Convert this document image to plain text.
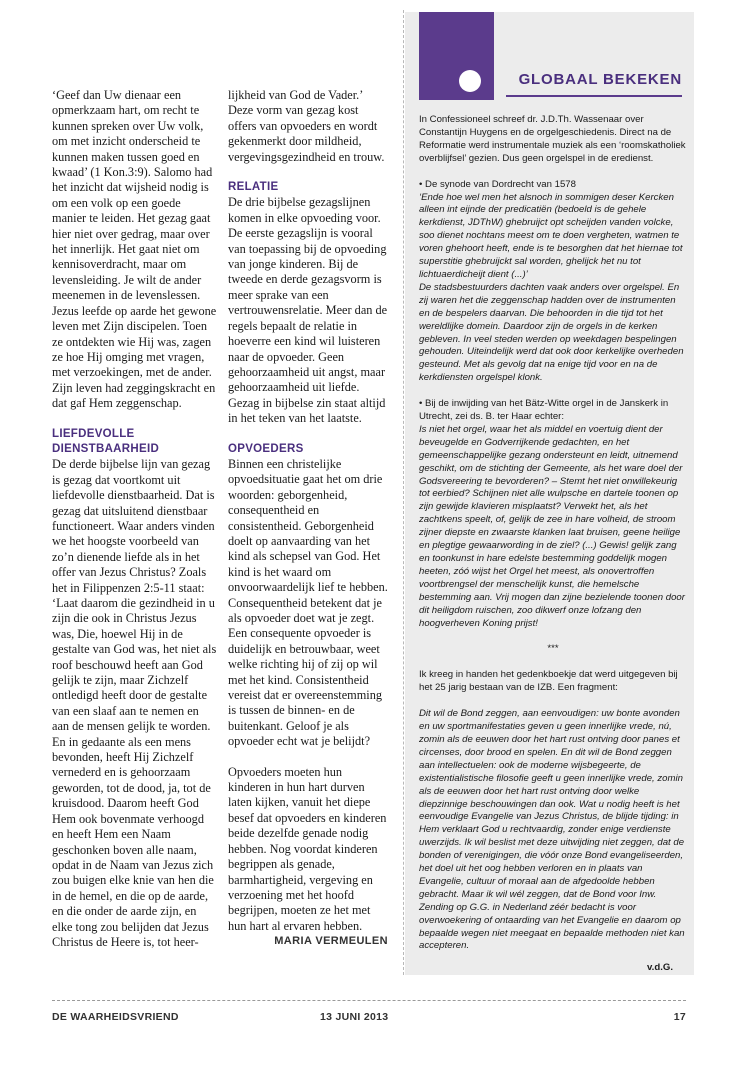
‘Geef dan Uw dienaar een opmerkzaam hart, om recht te kunnen spreken over Uw volk, om met inzicht onderscheid te kunnen maken tussen goed en kwaad’ (1 Kon.3:9). Salomo had het inzicht dat wijsheid nodig is om een volk op een goede manier te leiden. Het gezag gaat hier niet over gedrag, maar over het innerlijk. Het gaat niet om kennisoverdracht, maar om levensleiding. Je wilt de ander meenemen in de levenslessen.

Jezus leefde op aarde het gewone leven met Zijn discipelen. Toen ze ontdekten wie Hij was, zagen ze hoe Hij omging met vragen, met verzoekingen, met de ander. Zijn leven had zeggingskracht en dat gaf Hem zeggenschap.

LIEFDEVOLLE DIENSTBAARHEID

De derde bijbelse lijn van gezag is gezag dat voortkomt uit liefdevolle dienstbaarheid. Dat is gezag dat uitsluitend dienstbaar functioneert. Waar anders vinden we het hoogste voorbeeld van zo’n dienende liefde als in het offer van Jezus Christus? Zoals het in Filippenzen 2:5-11 staat: ‘Laat daarom die gezindheid in u zijn die ook in Christus Jezus was, Die, hoewel Hij in de gestalte van God was, het niet als roof beschouwd heeft aan God gelijk te zijn, maar Zichzelf ontledigd heeft door de gestalte van een slaaf aan te nemen en aan de mensen gelijk te worden. En in gedaante als een mens bevonden, heeft Hij Zichzelf vernederd en is gehoorzaam geworden, tot de dood, ja, tot de kruisdood. Daarom heeft God Hem ook bovenmate verhoogd en heeft Hem een Naam geschonken boven alle naam, opdat in de Naam van Jezus zich zou buigen elke knie van hen die in de hemel, en die op de aarde, en die onder de aarde zijn, en elke tong zou belijden dat Jezus Christus de Heere is, tot heer-

lijkheid van God de Vader.’ Deze vorm van gezag kost offers van opvoeders en wordt gekenmerkt door mildheid, vergevingsgezindheid en trouw.

RELATIE

De drie bijbelse gezagslijnen komen in elke opvoeding voor. De eerste gezagslijn is vooral van toepassing bij de opvoeding van jonge kinderen. Bij de tweede en derde gezagsvorm is meer sprake van een vertrouwensrelatie. Meer dan de regels bepaalt de relatie in hoeverre een kind wil luisteren naar de opvoeder. Geen gehoorzaamheid uit angst, maar gehoorzaamheid uit liefde. Gezag in bijbelse zin staat altijd in het teken van het laatste.

OPVOEDERS

Binnen een christelijke opvoedsituatie gaat het om drie woorden: geborgenheid, consequentheid en consistentheid. Geborgenheid doelt op aanvaarding van het kind als schepsel van God. Het kind is het waard om onvoorwaardelijk lief te hebben. Consequentheid betekent dat je als opvoeder doet wat je zegt. Een consequente opvoeder is duidelijk en betrouwbaar, weet welke richting hij of zij op wil met het kind. Consistentheid vereist dat er overeenstemming is tussen de binnen- en de buitenkant. Geloof je als opvoeder echt wat je belijdt?

Opvoeders moeten hun kinderen in hun hart durven laten kijken, vanuit het diepe besef dat opvoeders en kinderen beide dezelfde genade nodig hebben. Nog voordat kinderen begrippen als genade, barmhartigheid, vergeving en verzoening met het hoofd begrijpen, moeten ze het met hun hart al ervaren hebben.

MARIA VERMEULEN
GLOBAAL BEKEKEN

In Confessioneel schreef dr. J.D.Th. Wassenaar over Constantijn Huygens en de orgelgeschiedenis. Direct na de Reformatie werd instrumentale muziek als een ‘roomskatholiek overblijfsel’ gezien. Dus geen orgelspel in de eredienst.

• De synode van Dordrecht van 1578

‘Ende hoe wel men het alsnoch in sommigen deser Kercken alleen int eijnde der predicatiën (bedoeld is de gehele kerkdienst, JDThW) ghebruijct opt scheijden vanden volcke, soo dienet nochtans meest om te doen vergheten, watmen te voren ghehoort heeft, ende is te besorghen dat het hiernae tot superstitie ghebruijckt sal worden, ghelijck het nu tot lichtuaerdicheijt dient (...)’

De stadsbestuurders dachten vaak anders over orgelspel. En zij waren het die zeggenschap hadden over de instrumenten en de bespelers daarvan. Die behoorden in die tijd tot het wereldlijke domein. Daardoor zijn de orgels in de kerken gebleven. In veel steden werden op weekdagen bespelingen gehouden. Uiteindelijk werd dat ook door kerkelijke overheden gesteund. Met als gevolg dat na enige tijd voor en na de kerkdiensten orgelspel klonk.

• Bij de inwijding van het Bätz-Witte orgel in de Janskerk in Utrecht, zei ds. B. ter Haar echter:

Is niet het orgel, waar het als middel en voertuig dient der beveugelde en Godverrijkende gedachten, en het gemeenschappelijke gezang ondersteunt en leidt, uitnemend geschikt, om de stichting der Gemeente, als het ware doel der Godsvereering te bevorderen? – Stemt het niet onwillekeurig tot eerbied? Schijnen niet alle wulpsche en dartele toonen op zijn gewijde klavieren misplaatst? Verwekt het, als het zachtkens speelt, of, gelijk de zee in hare volheid, de stroom zijner diepste en zwaarste klanken laat bruisen, geene heilige en plegtige gewaarwording in de ziel? (...) Gewis! gelijk zang en toonkunst in hare edelste bestemming goddelijk mogen heeten, zóó wijst het Orgel het meest, als onovertroffen voortbrengsel der menschelijk kunst, die hemelsche bestemming aan. Vrij mogen dan zijne bezielende toonen door dit heiligdom ruischen, zoo dikwerf onze lofzang den hoogverheven Koning prijst!

***

Ik kreeg in handen het gedenkboekje dat werd uitgegeven bij het 25 jarig bestaan van de IZB. Een fragment:

Dit wil de Bond zeggen, aan eenvoudigen: uw bonte avonden en uw sportmanifestaties geven u geen innerlijke vrede, nú, zomin als de eeuwen door het hart rust ontving door panes et circenses, door brood en spelen. En dit wil de Bond zeggen aan intellectuelen: ook de moderne wijsbegeerte, de existentialistische filosofie geeft u geen innerlijke vrede, zomin als de eeuwen door het hart rust ontving door welke diepzinnige beschouwingen dan ook. Wat u nodig heeft is het eenvoudige Evangelie van Jezus Christus, de blijde tijding: in Hem verklaart God u rechtvaardig, zonder enige verdienste uwerzijds. Ik wil beslist met deze uitwijding niet zeggen, dat de bonden of verenigingen, die vóór onze Bond evangeliseerden, het doel uit het oog hebben verloren en in plaats van Evangelie, cultuur of moraal aan de afgedoolde hebben gebracht. Maar ik wil wél zeggen, dat de Bond voor Inw. Zending op G.G. in Nederland zéér bedacht is voor overwoekering of ontaarding van het Evangelie en daarom op bepaalde wegen niet meegaat en bepaalde methoden niet kan accepteren.

v.d.G.

DE WAARHEIDSVRIEND	13 JUNI 2013	17
